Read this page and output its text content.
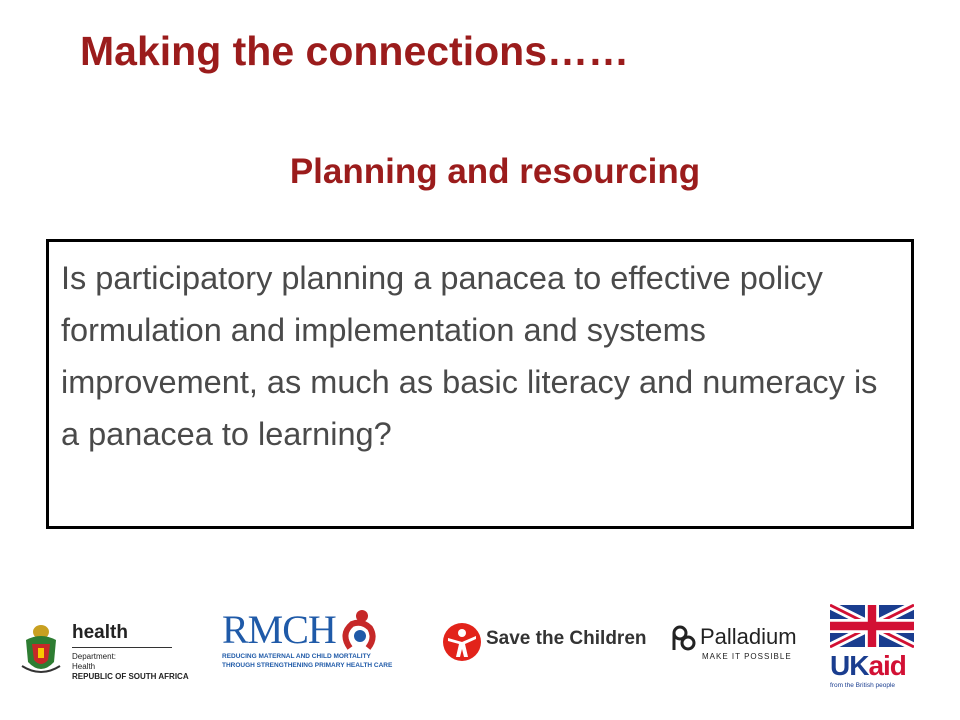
Making the connections……
Planning and resourcing

Is participatory planning a panacea to effective policy formulation and implementation and systems improvement, as much as basic literacy and numeracy is a panacea to learning?

health
Department:
Health
REPUBLIC OF SOUTH AFRICA
RMCH
REDUCING MATERNAL AND CHILD MORTALITY
THROUGH STRENGTHENING PRIMARY HEALTH CARE
Save the Children Palladium
MAKE IT POSSIBLE UKaid
from the British people
